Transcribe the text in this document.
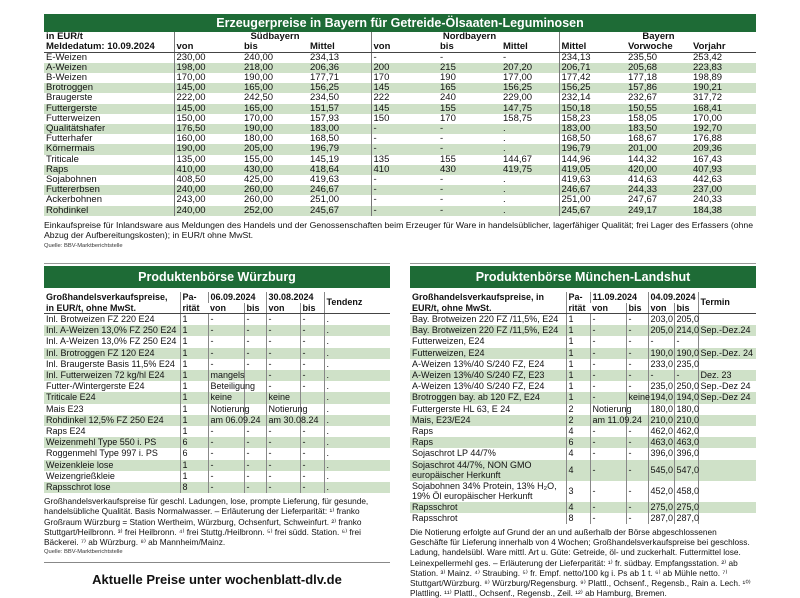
Erzeugerpreise in Bayern für Getreide-Ölsaaten-Leguminosen
in EUR/t		Südbayern			Nordbayern			Bayern	
Meldedatum: 10.09.2024	von	bis	Mittel	von	bis	Mittel	Mittel	Vorwoche	Vorjahr
E-Weizen	230,00	240,00	234,13	-	-	-	234,13	235,50	253,42
A-Weizen	198,00	218,00	206,36	200	215	207,20	206,71	205,68	223,83
B-Weizen	170,00	190,00	177,71	170	190	177,00	177,42	177,18	198,89
Brotroggen	145,00	165,00	156,25	145	165	156,25	156,25	157,86	190,21
Braugerste	222,00	242,50	234,50	222	240	229,00	232,14	232,67	317,72
Futtergerste	145,00	165,00	151,57	145	155	147,75	150,18	150,55	168,41
Futterweizen	150,00	170,00	157,93	150	170	158,75	158,23	158,05	170,00
Qualitätshafer	176,50	190,00	183,00	-	-	.	183,00	183,50	192,70
Futterhafer	160,00	180,00	168,50	-	-	.	168,50	168,67	176,88
Körnermais	190,00	205,00	196,79	-	-	.	196,79	201,00	209,36
Triticale	135,00	155,00	145,19	135	155	144,67	144,96	144,32	167,43
Raps	410,00	430,00	418,64	410	430	419,75	419,05	420,00	407,93
Sojabohnen	408,50	425,00	419,63	-	-	.	419,63	414,63	442,63
Futtererbsen	240,00	260,00	246,67	-	-	.	246,67	244,33	237,00
Ackerbohnen	243,00	260,00	251,00	-	-	.	251,00	247,67	240,33
Rohdinkel	240,00	252,00	245,67	-	-	.	245,67	249,17	184,38
Einkaufspreise für Inlandsware aus Meldungen des Handels und der Genossenschaften beim Erzeuger für Ware in handelsüblicher, lagerfähiger Qualität; frei Lager des Erfassers (ohne Abzug der Aufbereitungskosten); in EUR/t ohne MwSt.
Quelle: BBV-Marktberichtstelle
Produktenbörse Würzburg
Großhandelsverkaufspreise, in EUR/t, ohne MwSt.	Pa-rität	06.09.2024		30.08.2024		Tendenz
		von	bis	von	bis	
Inl. Brotweizen FZ 220 E24	1	-	-	-	-	.
Inl. A-Weizen 13,0% FZ 250 E24	1	-	-	-	-	.
Inl. A-Weizen 13,0% FZ 250 E24	1	-	-	-	-	.
Inl. Brotroggen FZ 120 E24	1	-	-	-	-	.
Inl. Braugerste Basis 11,5% E24	1	-	-	-	-	.
Inl. Futterweizen 72 kg/hl E24	1	mangels		-	-	.
Futter-/Wintergerste E24	1	Beteiligung		-	-	.
Triticale E24	1	keine		keine		.
Mais E23	1	Notierung		Notierung		.
Rohdinkel 12,5% FZ 250 E24	1	am 06.09.24		am 30.08.24		.
Raps E24	1	-	-	-	-	.
Weizenmehl Type 550 i. PS	6	-	-	-	-	.
Roggenmehl Type 997 i. PS	6	-	-	-	-	.
Weizenkleie lose	1	-	-	-	-	.
Weizengrießkleie	1	-	-	-	-	.
Rapsschrot lose	8	-	-	-	-	.
Großhandelsverkaufspreise für geschl. Ladungen, lose, prompte Lieferung, für gesunde, handelsübliche Qualität. Basis Normalwasser. – Erläuterung der Lieferparität: ¹⁾ franko Großraum Würzburg = Station Wertheim, Würzburg, Ochsenfurt, Schweinfurt. ²⁾ franko Stuttgart/Heilbronn. ³⁾ frei Heilbronn. ⁴⁾ frei Stuttg./Heilbronn. ⁵⁾ frei südd. Station. ⁶⁾ frei Bäckerei. ⁷⁾ ab Würzburg. ⁸⁾ ab Mannheim/Mainz.
Quelle: BBV-Marktberichtstelle
Aktuelle Preise unter wochenblatt-dlv.de
Produktenbörse München-Landshut
Großhandelsverkaufspreise, in EUR/t, ohne MwSt.	Pa-rität	11.09.2024		04.09.2024		Termin
		von	bis	von	bis	
Bay. Brotweizen 220 FZ /11,5%, E24	1	-	-	203,0	205,0	
Bay. Brotweizen 220 FZ /11,5%, E24	1	-	-	205,0	214,0	Sep.-Dez.24
Futterweizen, E24	1	-	-	-	-	
Futterweizen, E24	1	-	-	190,0	190,0	Sep.-Dez. 24
A-Weizen 13%/40 S/240 FZ, E24	1	-	-	233,0	235,0	
A-Weizen 13%/40 S/240 FZ, E23	1	-	-	-	-	Dez. 23
A-Weizen 13%/40 S/240 FZ, E24	1	-	-	235,0	250,0	Sep.-Dez 24
Brotroggen bay. ab 120 FZ, E24	1	-	keine	194,0	194,0	Sep.-Dez 24
Futtergerste HL 63, E 24	2	Notierung		180,0	180,0	
Mais, E23/E24	2	am 11.09.24		210,0	210,0	
Raps	4	-	-	462,0	462,0	
Raps	6	-	-	463,0	463,0	
Sojaschrot LP 44/7%	4	-	-	396,0	396,0	
Sojaschrot 44/7%, NON GMO europäischer Herkunft	4	-	-	545,0	547,0	
Sojabohnen 34% Protein, 13% H₂O, 19% Öl europäischer Herkunft	3	-	-	452,0	458,0	
Rapsschrot	4	-	-	275,0	275,0	
Rapsschrot	8	-	-	287,0	287,0	
Die Notierung erfolgte auf Grund der an und außerhalb der Börse abgeschlossenen Geschäfte für Lieferung innerhalb von 4 Wochen; Großhandelsverkaufspreise bei geschloss. Ladung, handelsübl. Ware mittl. Art u. Güte: Getreide, öl- und zuckerhalt. Futtermittel lose. Leinexpellermehl ges. – Erläuterung der Lieferparität: ¹⁾ fr. südbay. Empfangsstation. ²⁾ ab Station. ³⁾ Mainz. ⁴⁾ Straubing. ⁵⁾ fr. Empf. netto/100 kg i. Ps ab 1 t. ⁶⁾ ab Mühle netto. ⁷⁾ Stuttgart/Würzburg. ⁸⁾ Würzburg/Regensburg. ⁹⁾ Plattl., Ochsenf., Regensb., Rain a. Lech. ¹⁰⁾ Plattling. ¹¹⁾ Plattl., Ochsenf., Regensb., Zeil. ¹²⁾ ab Hamburg, Bremen.
